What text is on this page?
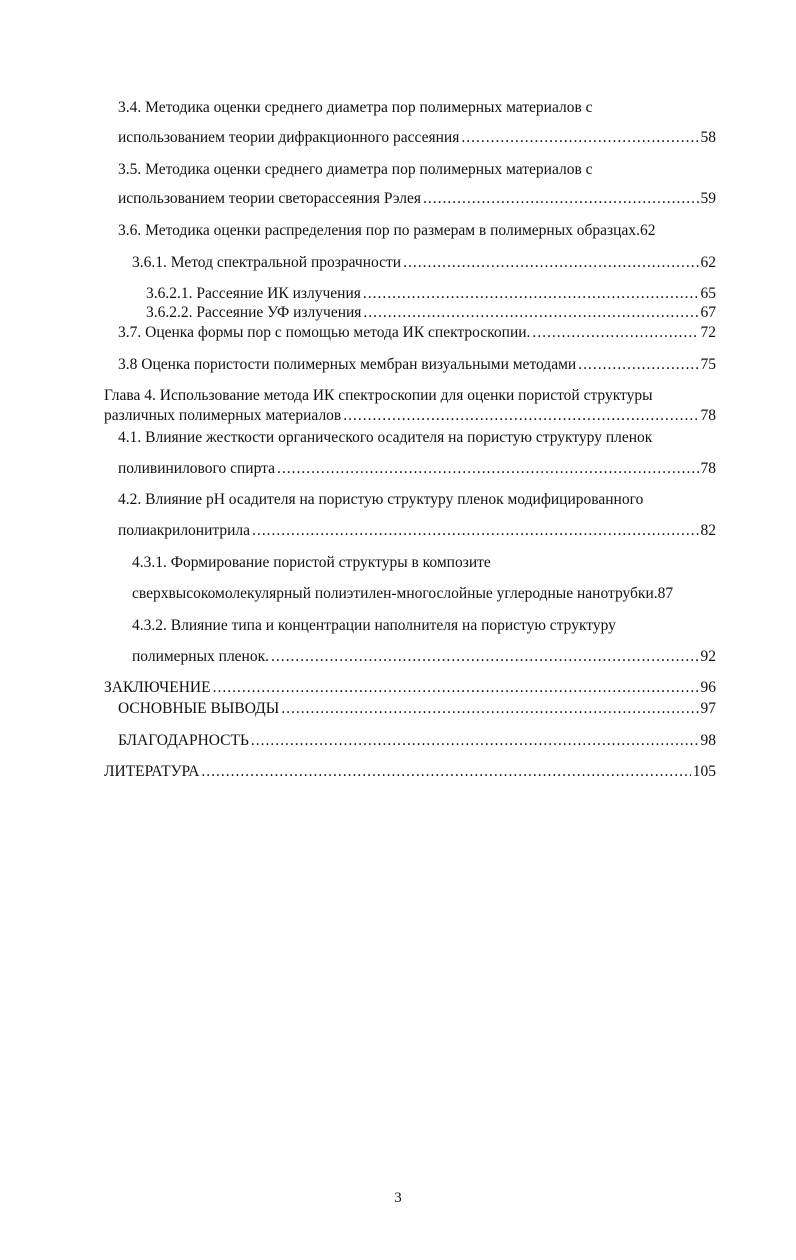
3.4. Методика оценки среднего диаметра пор полимерных материалов с
использованием теории дифракционного рассеяния .....	58
3.5. Методика оценки среднего диаметра пор полимерных материалов с
использованием теории светорассеяния Рэлея .....	59
3.6. Методика оценки распределения пор по размерам в полимерных образцах. 62
3.6.1. Метод спектральной прозрачности .....	62
3.6.2.1. Рассеяние ИК излучения .....	65
3.6.2.2. Рассеяние УФ излучения .....	67
3.7. Оценка формы пор с помощью метода ИК спектроскопии. .....	72
3.8 Оценка пористости полимерных мембран визуальными методами .....	75
Глава 4. Использование метода ИК спектроскопии для оценки пористой структуры
различных полимерных материалов .....	78
4.1. Влияние жесткости органического осадителя на пористую структуру пленок
поливинилового спирта .....	78
4.2. Влияние pH осадителя на пористую структуру пленок модифицированного
полиакрилонитрила .....	82
4.3.1. Формирование пористой структуры в композите
сверхвысокомолекулярный полиэтилен-многослойные углеродные нанотрубки. 87
4.3.2. Влияние типа и концентрации наполнителя на пористую структуру
полимерных пленок. .....	92
ЗАКЛЮЧЕНИЕ .....	96
ОСНОВНЫЕ ВЫВОДЫ .....	97
БЛАГОДАРНОСТЬ .....	98
ЛИТЕРАТУРА .....	105
3
